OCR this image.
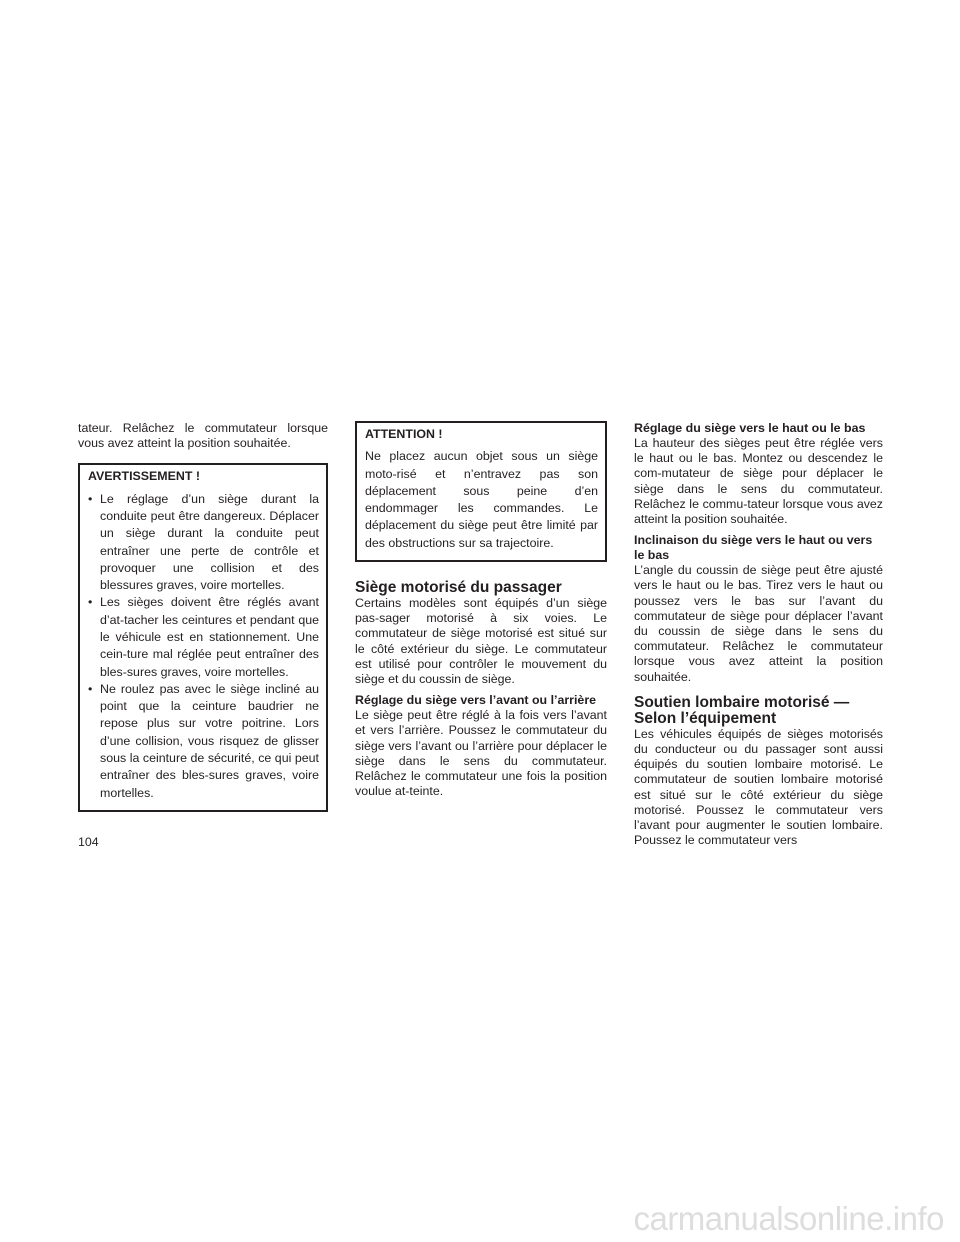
tateur. Relâchez le commutateur lorsque vous avez atteint la position souhaitée.

AVERTISSEMENT !
• Le réglage d’un siège durant la conduite peut être dangereux. Déplacer un siège durant la conduite peut entraîner une perte de contrôle et provoquer une collision et des blessures graves, voire mortelles.
• Les sièges doivent être réglés avant d’at-tacher les ceintures et pendant que le véhicule est en stationnement. Une cein-ture mal réglée peut entraîner des bles-sures graves, voire mortelles.
• Ne roulez pas avec le siège incliné au point que la ceinture baudrier ne repose plus sur votre poitrine. Lors d’une collision, vous risquez de glisser sous la ceinture de sécurité, ce qui peut entraîner des bles-sures graves, voire mortelles.
ATTENTION !

Ne placez aucun objet sous un siège moto-risé et n’entravez pas son déplacement sous peine d’en endommager les commandes. Le déplacement du siège peut être limité par des obstructions sur sa trajectoire.

Siège motorisé du passager

Certains modèles sont équipés d’un siège pas-sager motorisé à six voies. Le commutateur de siège motorisé est situé sur le côté extérieur du siège. Le commutateur est utilisé pour contrôler le mouvement du siège et du coussin de siège.

Réglage du siège vers l’avant ou l’arrière

Le siège peut être réglé à la fois vers l’avant et vers l’arrière. Poussez le commutateur du siège vers l’avant ou l’arrière pour déplacer le siège dans le sens du commutateur. Relâchez le commutateur une fois la position voulue at-teinte.

Réglage du siège vers le haut ou le bas

La hauteur des sièges peut être réglée vers le haut ou le bas. Montez ou descendez le com-mutateur de siège pour déplacer le siège dans le sens du commutateur. Relâchez le commu-tateur lorsque vous avez atteint la position souhaitée.

Inclinaison du siège vers le haut ou vers le bas

L’angle du coussin de siège peut être ajusté vers le haut ou le bas. Tirez vers le haut ou poussez vers le bas sur l’avant du commutateur de siège pour déplacer l’avant du coussin de siège dans le sens du commutateur. Relâchez le commutateur lorsque vous avez atteint la position souhaitée.

Soutien lombaire motorisé — Selon l’équipement

Les véhicules équipés de sièges motorisés du conducteur ou du passager sont aussi équipés du soutien lombaire motorisé. Le commutateur de soutien lombaire motorisé est situé sur le côté extérieur du siège motorisé. Poussez le commutateur vers l’avant pour augmenter le soutien lombaire. Poussez le commutateur vers

104
carmanualsonline.info
